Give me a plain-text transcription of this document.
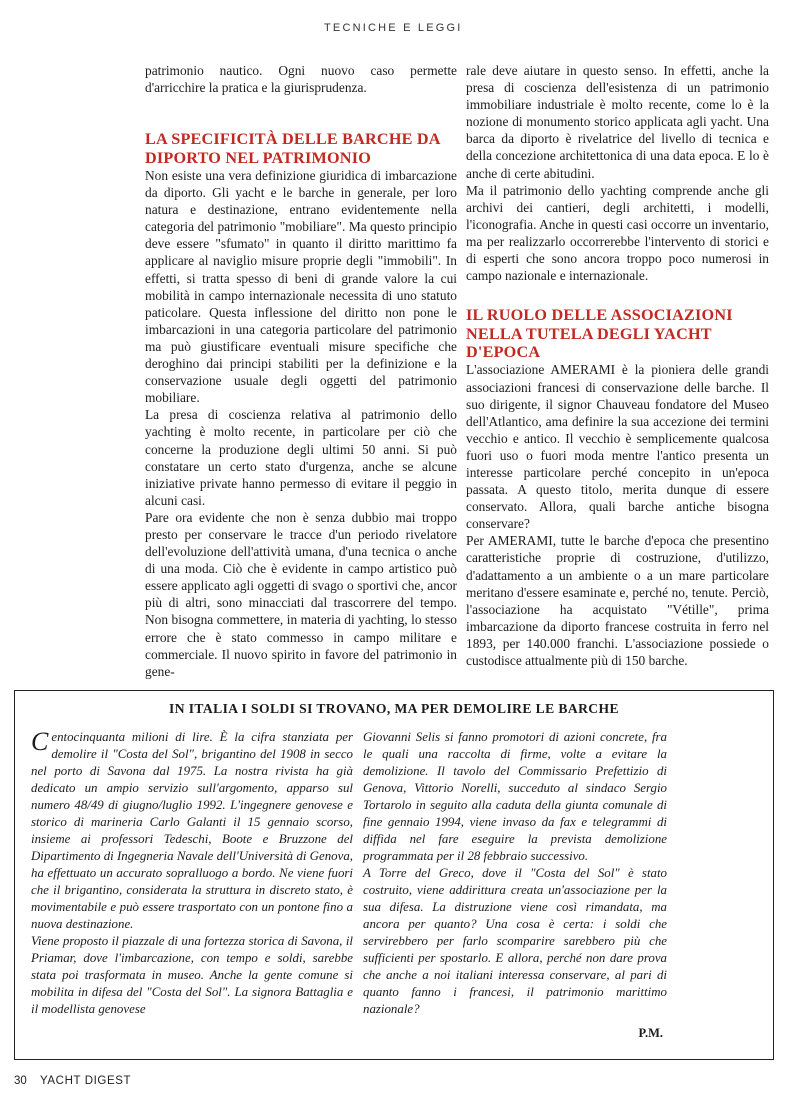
TECNICHE E LEGGI

patrimonio nautico. Ogni nuovo caso permette d'arricchire la pratica e la giurisprudenza.

LA SPECIFICITÀ DELLE BARCHE DA DIPORTO NEL PATRIMONIO

Non esiste una vera definizione giuridica di imbarcazione da diporto. Gli yacht e le barche in generale, per loro natura e destinazione, entrano evidentemente nella categoria del patrimonio "mobiliare". Ma questo principio deve essere "sfumato" in quanto il diritto marittimo fa applicare al naviglio misure proprie degli "immobili". In effetti, si tratta spesso di beni di grande valore la cui mobilità in campo internazionale necessita di uno statuto paticolare. Questa inflessione del diritto non pone le imbarcazioni in una categoria particolare del patrimonio ma può giustificare eventuali misure specifiche che deroghino dai principi stabiliti per la definizione e la conservazione usuale degli oggetti del patrimonio mobiliare.

La presa di coscienza relativa al patrimonio dello yachting è molto recente, in particolare per ciò che concerne la produzione degli ultimi 50 anni. Si può constatare un certo stato d'urgenza, anche se alcune iniziative private hanno permesso di evitare il peggio in alcuni casi.

Pare ora evidente che non è senza dubbio mai troppo presto per conservare le tracce d'un periodo rivelatore dell'evoluzione dell'attività umana, d'una tecnica o anche di una moda. Ciò che è evidente in campo artistico può essere applicato agli oggetti di svago o sportivi che, ancor più di altri, sono minacciati dal trascorrere del tempo. Non bisogna commettere, in materia di yachting, lo stesso errore che è stato commesso in campo militare e commerciale. Il nuovo spirito in favore del patrimonio in gene-

rale deve aiutare in questo senso. In effetti, anche la presa di coscienza dell'esistenza di un patrimonio immobiliare industriale è molto recente, come lo è la nozione di monumento storico applicata agli yacht. Una barca da diporto è rivelatrice del livello di tecnica e della concezione architettonica di una data epoca. E lo è anche di certe abitudini.

Ma il patrimonio dello yachting comprende anche gli archivi dei cantieri, degli architetti, i modelli, l'iconografia. Anche in questi casi occorre un inventario, ma per realizzarlo occorrerebbe l'intervento di storici e di esperti che sono ancora troppo poco numerosi in campo nazionale e internazionale.

IL RUOLO DELLE ASSOCIAZIONI NELLA TUTELA DEGLI YACHT D'EPOCA

L'associazione AMERAMI è la pioniera delle grandi associazioni francesi di conservazione delle barche. Il suo dirigente, il signor Chauveau fondatore del Museo dell'Atlantico, ama definire la sua accezione dei termini vecchio e antico. Il vecchio è semplicemente qualcosa fuori uso o fuori moda mentre l'antico presenta un interesse particolare perché concepito in un'epoca passata. A questo titolo, merita dunque di essere conservato. Allora, quali barche antiche bisogna conservare?

Per AMERAMI, tutte le barche d'epoca che presentino caratteristiche proprie di costruzione, d'utilizzo, d'adattamento a un ambiente o a un mare particolare meritano d'essere esaminate e, perché no, tenute. Perciò, l'associazione ha acquistato "Vétille", prima imbarcazione da diporto francese costruita in ferro nel 1893, per 140.000 franchi. L'associazione possiede o custodisce attualmente più di 150 barche.

IN ITALIA I SOLDI SI TROVANO, MA PER DEMOLIRE LE BARCHE

Centocinquanta milioni di lire. È la cifra stanziata per demolire il "Costa del Sol", brigantino del 1908 in secco nel porto di Savona dal 1975. La nostra rivista ha già dedicato un ampio servizio sull'argomento, apparso sul numero 48/49 di giugno/luglio 1992. L'ingegnere genovese e storico di marineria Carlo Galanti il 15 gennaio scorso, insieme ai professori Tedeschi, Boote e Bruzzone del Dipartimento di Ingegneria Navale dell'Università di Genova, ha effettuato un accurato sopralluogo a bordo. Ne viene fuori che il brigantino, considerata la struttura in discreto stato, è movimentabile e può essere trasportato con un pontone fino a nuova destinazione.

Viene proposto il piazzale di una fortezza storica di Savona, il Priamar, dove l'imbarcazione, con tempo e soldi, sarebbe stata poi trasformata in museo. Anche la gente comune si mobilita in difesa del "Costa del Sol". La signora Battaglia e il modellista genovese

Giovanni Selis si fanno promotori di azioni concrete, fra le quali una raccolta di firme, volte a evitare la demolizione. Il tavolo del Commissario Prefettizio di Genova, Vittorio Norelli, succeduto al sindaco Sergio Tortarolo in seguito alla caduta della giunta comunale di fine gennaio 1994, viene invaso da fax e telegrammi di diffida nel fare eseguire la prevista demolizione programmata per il 28 febbraio successivo.

A Torre del Greco, dove il "Costa del Sol" è stato costruito, viene addirittura creata un'associazione per la sua difesa. La distruzione viene così rimandata, ma ancora per quanto? Una cosa è certa: i soldi che servirebbero per farlo scomparire sarebbero più che sufficienti per spostarlo. E allora, perché non dare prova che anche a noi italiani interessa conservare, al pari di quanto fanno i francesi, il patrimonio marittimo nazionale?

P.M.
30 YACHT DIGEST
